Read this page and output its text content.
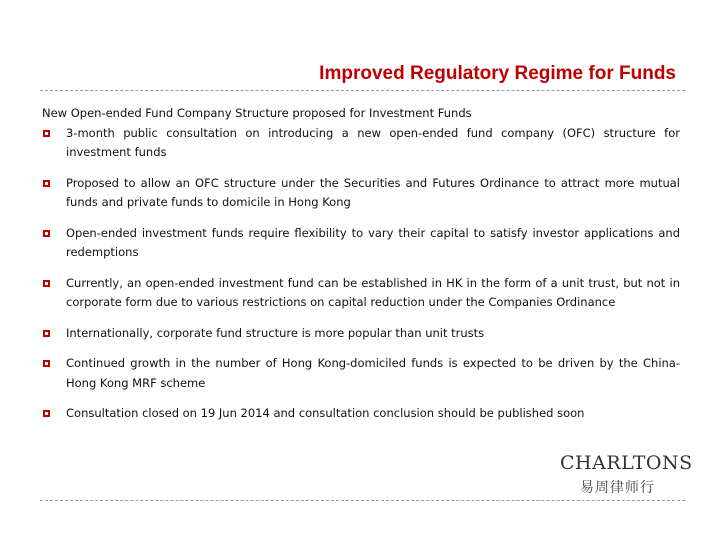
Improved Regulatory Regime for Funds
New Open-ended Fund Company Structure proposed for Investment Funds
3-month public consultation on introducing a new open-ended fund company (OFC) structure for investment funds
Proposed to allow an OFC structure under the Securities and Futures Ordinance to attract more mutual funds and private funds to domicile in Hong Kong
Open-ended investment funds require flexibility to vary their capital to satisfy investor applications and redemptions
Currently, an open-ended investment fund can be established in HK in the form of a unit trust, but not in corporate form due to various restrictions on capital reduction under the Companies Ordinance
Internationally, corporate fund structure is more popular than unit trusts
Continued growth in the number of Hong Kong-domiciled funds is expected to be driven by the China-Hong Kong MRF scheme
Consultation closed on 19 Jun 2014 and consultation conclusion should be published soon
CHARLTONS
易周律师行
